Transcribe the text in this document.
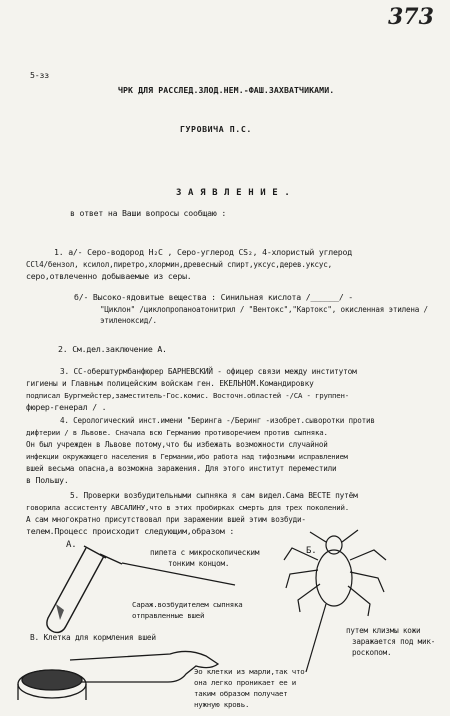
373
5-зз
ЧРК ДЛЯ РАССЛЕД.ЗЛОД.НЕМ.-ФАШ.ЗАХВАТЧИКАМИ.
ГУРОВИЧА П.С.
З А Я В Л Е Н И Е .
в ответ на Ваши вопросы сообщаю :
1. а/- Серо-водород H₂C , Серо-углерод CS₂, 4-хлористый углерод
CCl4/бензол, ксилол,пиретро,хлормин,древесный спирт,уксус,дерев.уксус,
серо,отвлеченно добываемые из серы.
б/- Высоко-ядовитые вещества : Синильная кислота /______/ -
"Циклон" /циклопропаноатонитрил / "Вентокс","Картокс", окисленная этилена /этиленоксид/.
2. См.дел.заключение А.
3. СС-оберштурмбанфюрер БАРНЕВСКИЙ - офицер связи между институтом
гигиены и Главным полицейским войскам ген. ЕКЕЛЬНОМ.Командировку
подписал Бургмейстер,заместитель-Гос.комис. Восточн.областей -/СА - группен-
фюрер-генерал / .
4. Серологический инст.имени "Беринга -/Беринг -изобрет.сыворотки против
дифтерии / в Львове. Сначала всю Германию противоречием против сыпнякa.
Он был учрежден в Львове потому,что бы избежать возможности случайной
инфекции окружающего населения в Германии,ибо работа над тифозными исправлением
вшей весьма опасна,а возможна заражения. Для этого институт переместили
в Польшу.
5. Проверки возбудительными сыпняка я сам видел.Сама ВЕСТЕ путём
говорила ассистенту АВСАЛИНУ,что в этих пробирках смерть для трех поколений.
А сам многократно присутствовал при заражении вшей этим возбуди-
телем.Процесс происходит следующим,образом :
А.
Б.
пипета с микроскопическим
тонким концом.
Сараж.возбудителем сыпняка
отправленные вшей
В. Клетка для кормления вшей
путем клизмы кожи
заражается под мик-
роскопом.
Эо клетки из марли,так что
она легко проникает ее и
таким образом получает
нужную кровь.
